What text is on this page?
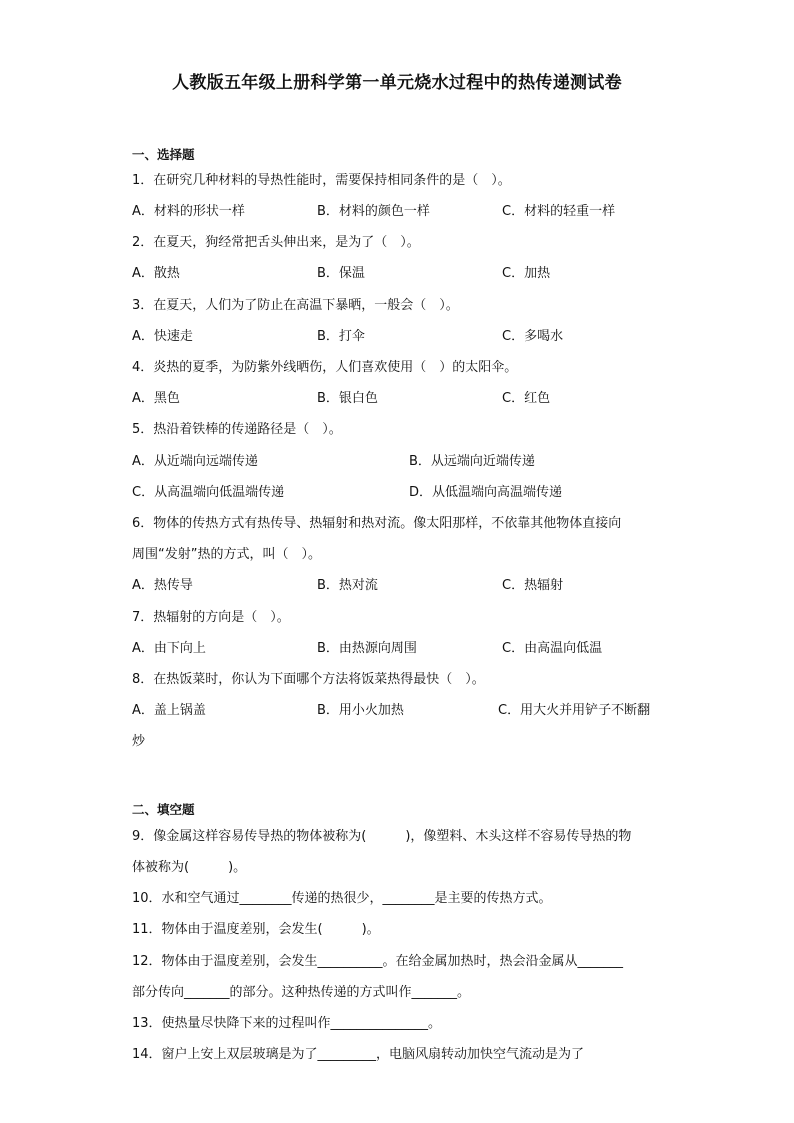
人教版五年级上册科学第一单元烧水过程中的热传递测试卷
一、选择题
1．在研究几种材料的导热性能时，需要保持相同条件的是（　）。
A．材料的形状一样	B．材料的颜色一样	C．材料的轻重一样
2．在夏天，狗经常把舌头伸出来，是为了（　）。
A．散热	B．保温	C．加热
3．在夏天，人们为了防止在高温下暴晒，一般会（　）。
A．快速走	B．打伞	C．多喝水
4．炎热的夏季，为防紫外线晒伤，人们喜欢使用（　）的太阳伞。
A．黑色	B．银白色	C．红色
5．热沿着铁棒的传递路径是（　）。
A．从近端向远端传递	B．从远端向近端传递
C．从高温端向低温端传递	D．从低温端向高温端传递
6．物体的传热方式有热传导、热辐射和热对流。像太阳那样，不依靠其他物体直接向
周围“发射”热的方式，叫（　）。
A．热传导	B．热对流	C．热辐射
7．热辐射的方向是（　）。
A．由下向上	B．由热源向周围	C．由高温向低温
8．在热饭菜时，你认为下面哪个方法将饭菜热得最快（　）。
A．盖上锅盖	B．用小火加热	C．用大火并用铲子不断翻
炒
二、填空题
9．像金属这样容易传导热的物体被称为(　　　)，像塑料、木头这样不容易传导热的物
体被称为(　　　)。
10．水和空气通过________传递的热很少，________是主要的传热方式。
11．物体由于温度差别，会发生(　　　)。
12．物体由于温度差别，会发生__________。在给金属加热时，热会沿金属从_______
部分传向_______的部分。这种热传递的方式叫作_______。
13．使热量尽快降下来的过程叫作_______________。
14．窗户上安上双层玻璃是为了_________，电脑风扇转动加快空气流动是为了
